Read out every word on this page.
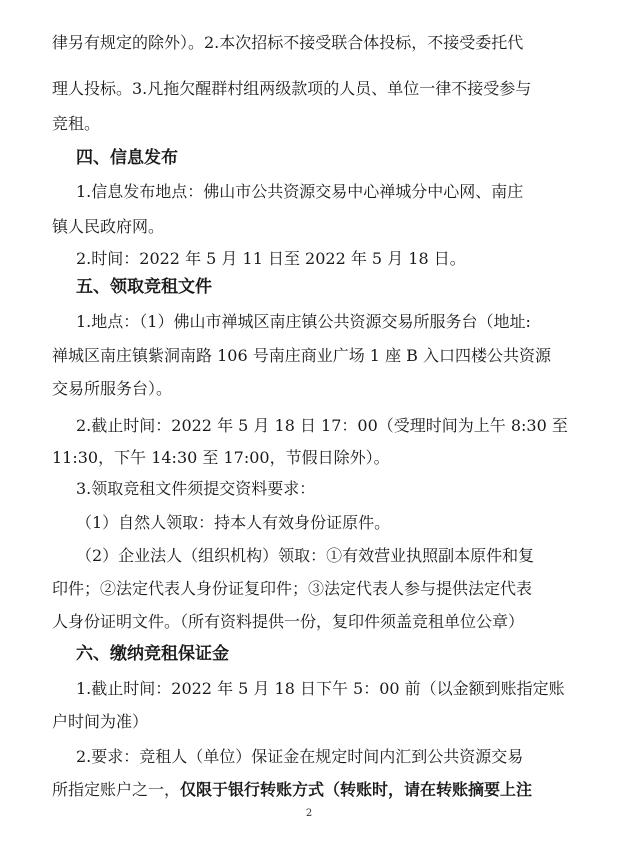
律另有规定的除外）。2.本次招标不接受联合体投标，不接受委托代
理人投标。3.凡拖欠醒群村组两级款项的人员、单位一律不接受参与
竞租。
四、信息发布
1.信息发布地点：佛山市公共资源交易中心禅城分中心网、南庄
镇人民政府网。
2.时间：2022 年 5 月 11 日至 2022 年 5 月 18 日。
五、领取竞租文件
1.地点：（1）佛山市禅城区南庄镇公共资源交易所服务台（地址:
禅城区南庄镇紫洞南路 106 号南庄商业广场 1 座 B 入口四楼公共资源
交易所服务台）。
2.截止时间：2022 年 5 月 18 日 17：00（受理时间为上午 8:30 至
11:30，下午 14:30 至 17:00，节假日除外）。
3.领取竞租文件须提交资料要求：
（1）自然人领取：持本人有效身份证原件。
（2）企业法人（组织机构）领取：①有效营业执照副本原件和复
印件；②法定代表人身份证复印件；③法定代表人参与提供法定代表
人身份证明文件。（所有资料提供一份，复印件须盖竞租单位公章）
六、缴纳竞租保证金
1.截止时间：2022 年 5 月 18 日下午 5：00 前（以金额到账指定账
户时间为准）
2.要求：竞租人（单位）保证金在规定时间内汇到公共资源交易
所指定账户之一，仅限于银行转账方式（转账时，请在转账摘要上注
2
